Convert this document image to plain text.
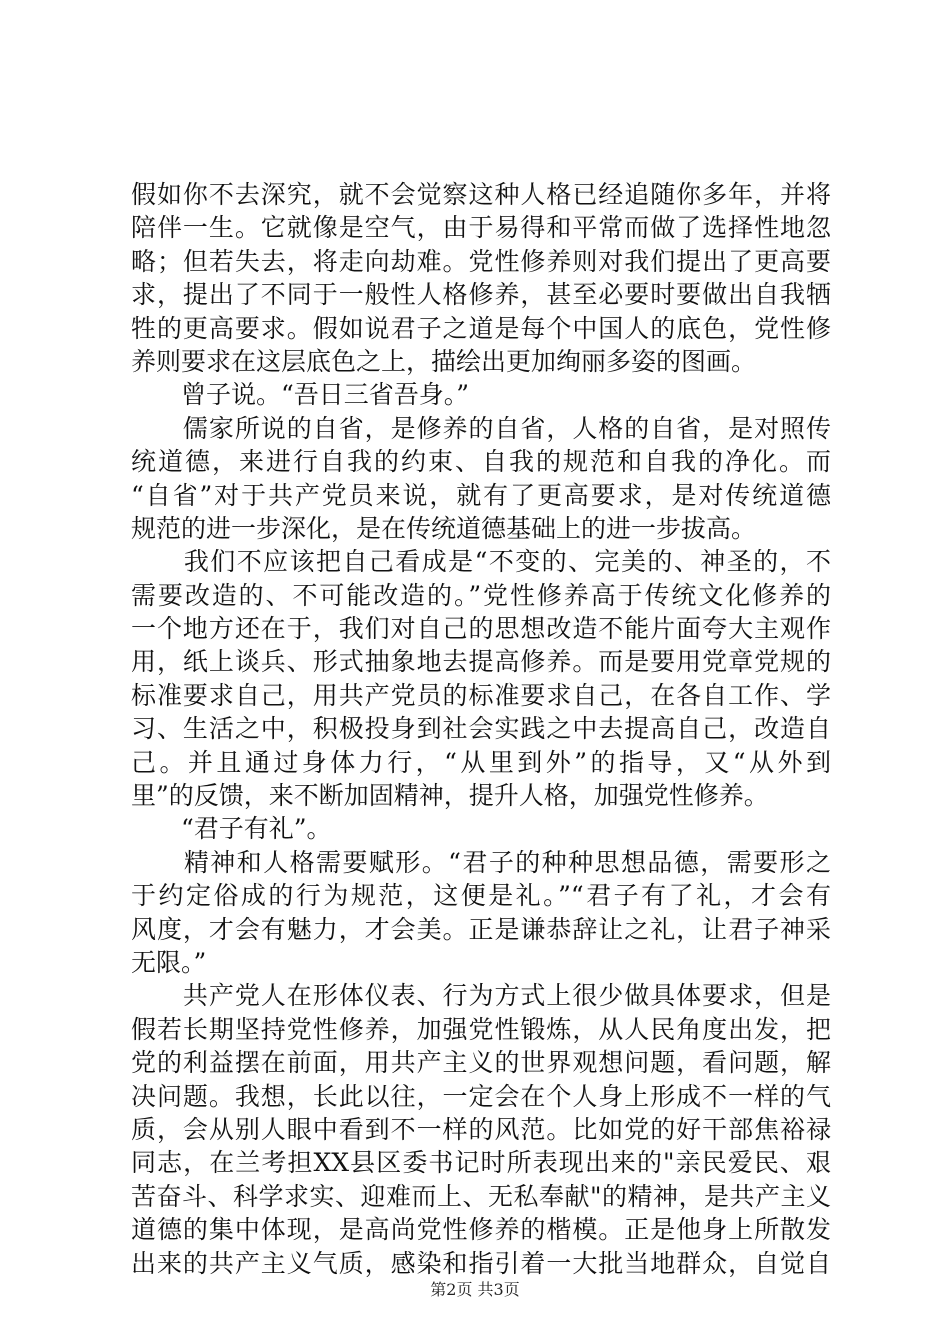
假如你不去深究，就不会觉察这种人格已经追随你多年，并将
陪伴一生。它就像是空气，由于易得和平常而做了选择性地忽
略；但若失去，将走向劫难。党性修养则对我们提出了更高要
求，提出了不同于一般性人格修养，甚至必要时要做出自我牺
牲的更高要求。假如说君子之道是每个中国人的底色，党性修
养则要求在这层底色之上，描绘出更加绚丽多姿的图画。
　　曾子说。“吾日三省吾身。”
　　儒家所说的自省，是修养的自省，人格的自省，是对照传
统道德，来进行自我的约束、自我的规范和自我的净化。而
“自省”对于共产党员来说，就有了更高要求，是对传统道德
规范的进一步深化，是在传统道德基础上的进一步拔高。
　　我们不应该把自己看成是“不变的、完美的、神圣的，不
需要改造的、不可能改造的。”党性修养高于传统文化修养的
一个地方还在于，我们对自己的思想改造不能片面夸大主观作
用，纸上谈兵、形式抽象地去提高修养。而是要用党章党规的
标准要求自己，用共产党员的标准要求自己，在各自工作、学
习、生活之中，积极投身到社会实践之中去提高自己，改造自
己。并且通过身体力行，“从里到外”的指导，又“从外到
里”的反馈，来不断加固精神，提升人格，加强党性修养。
　　“君子有礼”。
　　精神和人格需要赋形。“君子的种种思想品德，需要形之
于约定俗成的行为规范，这便是礼。”“君子有了礼，才会有
风度，才会有魅力，才会美。正是谦恭辞让之礼，让君子神采
无限。”
　　共产党人在形体仪表、行为方式上很少做具体要求，但是
假若长期坚持党性修养，加强党性锻炼，从人民角度出发，把
党的利益摆在前面，用共产主义的世界观想问题，看问题，解
决问题。我想，长此以往，一定会在个人身上形成不一样的气
质，会从别人眼中看到不一样的风范。比如党的好干部焦裕禄
同志，在兰考担XX县区委书记时所表现出来的"亲民爱民、艰
苦奋斗、科学求实、迎难而上、无私奉献"的精神，是共产主义
道德的集中体现，是高尚党性修养的楷模。正是他身上所散发
出来的共产主义气质，感染和指引着一大批当地群众，自觉自
第2页 共3页
